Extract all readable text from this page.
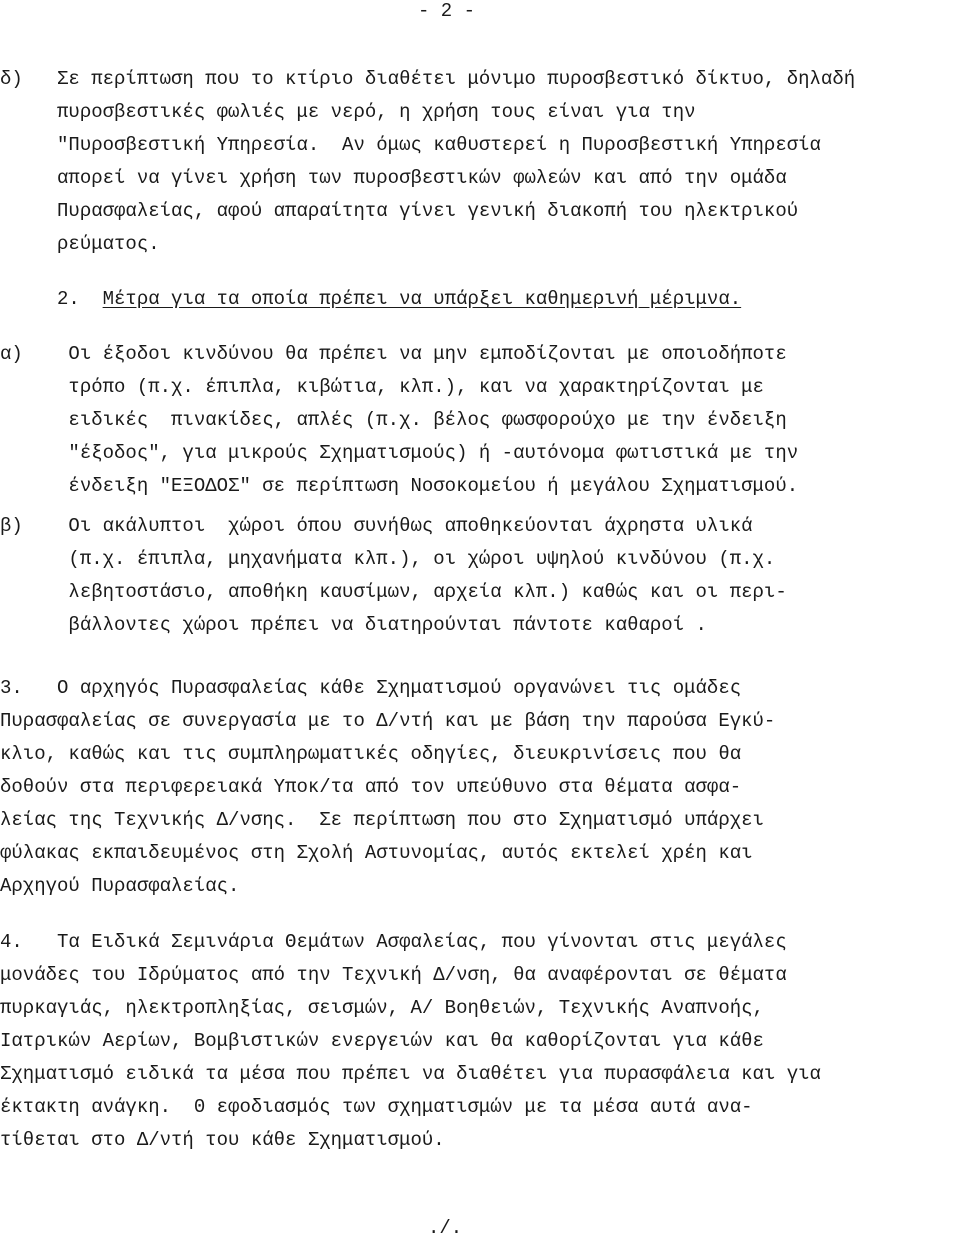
- 2 -
δ)   Σε περίπτωση που το κτίριο διαθέτει μόνιμο πυροσβεστικό δίκτυο, δηλαδή
πυροσβεστικές φωλιές με νερό, η χρήση τους είναι για την
"Πυροσβεστική Υπηρεσία.  Αν όμως καθυστερεί η Πυροσβεστική Υπηρεσία
απορεί να γίνει χρήση των πυροσβεστικών φωλεών και από την ομάδα
Πυρασφαλείας, αφού απαραίτητα γίνει γενική διακοπή του ηλεκτρικού
ρεύματος.
2.  Μέτρα για τα οποία πρέπει να υπάρξει καθημερινή μέριμνα.
α)    Οι έξοδοι κινδύνου θα πρέπει να μην εμποδίζονται με οποιοδήποτε
τρόπο (π.χ. έπιπλα, κιβώτια, κλπ.), και να χαρακτηρίζονται με
ειδικές  πινακίδες, απλές (π.χ. βέλος φωσφορούχο με την ένδειξη
"έξοδος", για μικρούς Σχηματισμούς) ή -αυτόνομα φωτιστικά με την
ένδειξη "ΕΞΟΔΟΣ" σε περίπτωση Νοσοκομείου ή μεγάλου Σχηματισμού.
β)    Οι ακάλυπτοι  χώροι όπου συνήθως αποθηκεύονται άχρηστα υλικά
(π.χ. έπιπλα, μηχανήματα κλπ.), οι χώροι υψηλού κινδύνου (π.χ.
λεβητοστάσιο, αποθήκη καυσίμων, αρχεία κλπ.) καθώς και οι περι-
βάλλοντες χώροι πρέπει να διατηρούνται πάντοτε καθαροί .
3.   Ο αρχηγός Πυρασφαλείας κάθε Σχηματισμού οργανώνει τις ομάδες
Πυρασφαλείας σε συνεργασία με το Δ/ντή και με βάση την παρούσα Εγκύ-
κλιο, καθώς και τις συμπληρωματικές οδηγίες, διευκρινίσεις που θα
δοθούν στα περιφερειακά Υποκ/τα από τον υπεύθυνο στα θέματα ασφα-
λείας της Τεχνικής Δ/νσης.  Σε περίπτωση που στο Σχηματισμό υπάρχει
φύλακας εκπαιδευμένος στη Σχολή Αστυνομίας, αυτός εκτελεί χρέη και
Αρχηγού Πυρασφαλείας.
4.   Τα Ειδικά Σεμινάρια Θεμάτων Ασφαλείας, που γίνονται στις μεγάλες
μονάδες του Ιδρύματος από την Τεχνική Δ/νση, θα αναφέρονται σε θέματα
πυρκαγιάς, ηλεκτροπληξίας, σεισμών, Α/ Βοηθειών, Τεχνικής Αναπνοής,
Ιατρικών Αερίων, Βομβιστικών ενεργειών και θα καθορίζονται για κάθε
Σχηματισμό ειδικά τα μέσα που πρέπει να διαθέτει για πυρασφάλεια και για
έκτακτη ανάγκη.  0 εφοδιασμός των σχηματισμών με τα μέσα αυτά ανα-
τίθεται στο Δ/ντή του κάθε Σχηματισμού.
./.
